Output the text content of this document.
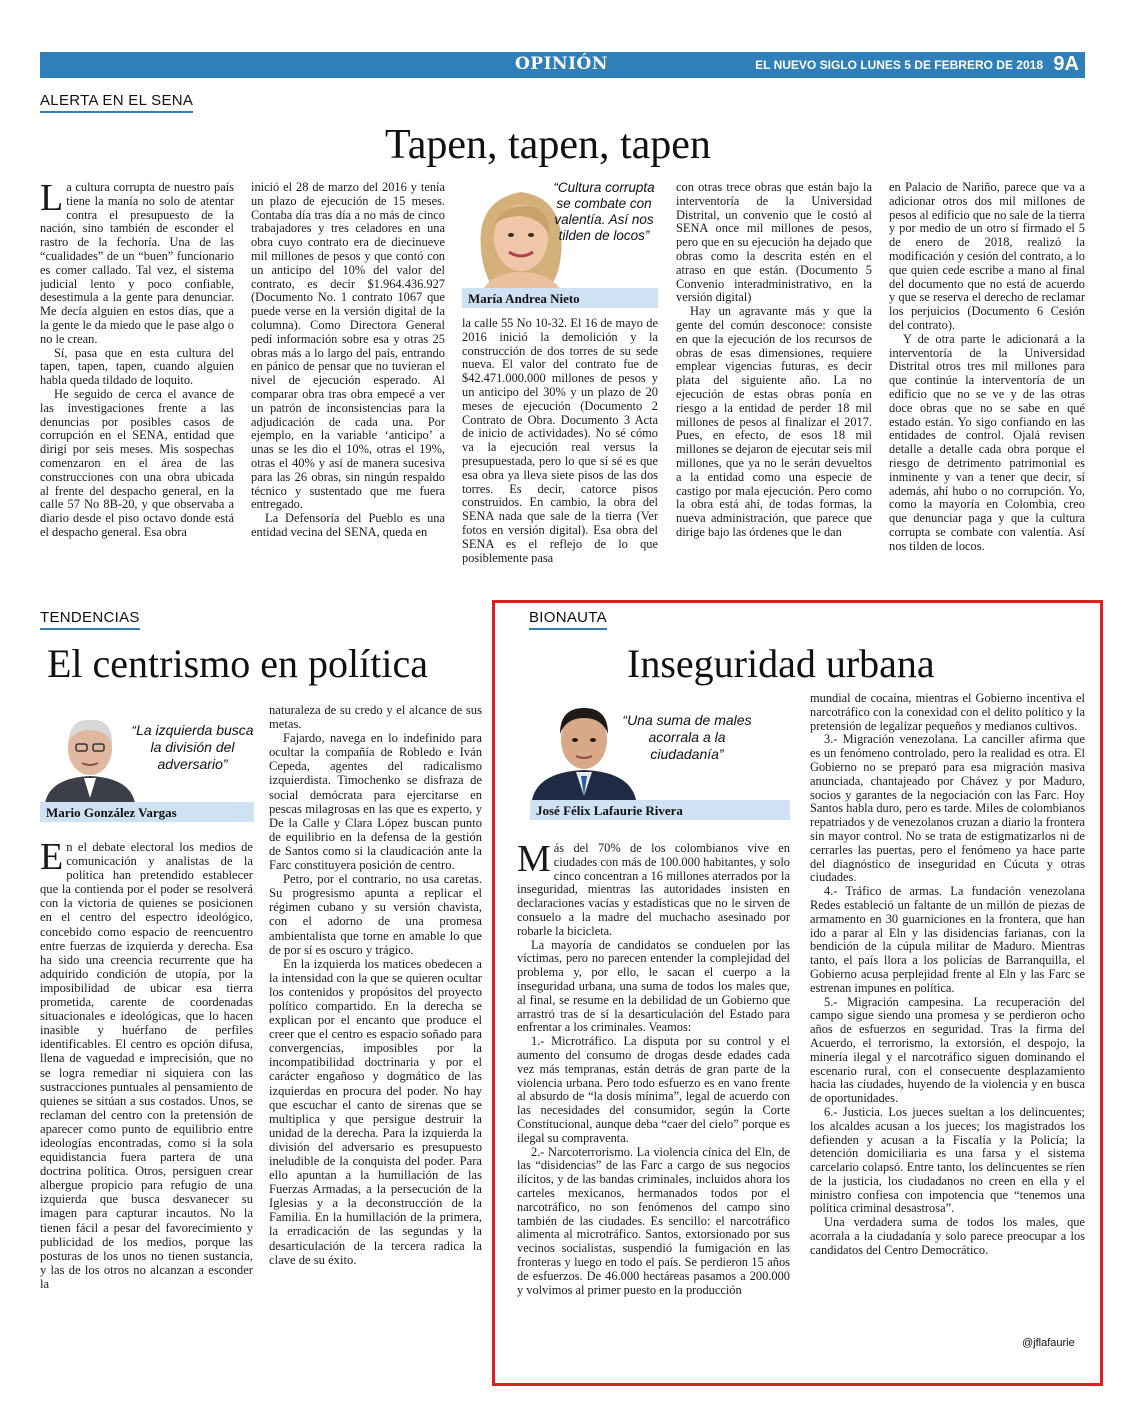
OPINIÓN	EL NUEVO SIGLO LUNES 5 DE FEBRERO DE 2018 9A
ALERTA EN EL SENA
Tapen, tapen, tapen

La cultura corrupta de nuestro país tiene la manía no solo de atentar contra el presupuesto de la nación, sino también de esconder el rastro de la fechoría. Una de las “cualidades” de un “buen” funcionario es comer callado. Tal vez, el sistema judicial lento y poco confiable, desestimula a la gente para denunciar. Me decía alguien en estos días, que a la gente le da miedo que le pase algo o no le crean.

Sí, pasa que en esta cultura del tapen, tapen, tapen, cuando alguien habla queda tildado de loquito.

He seguido de cerca el avance de las investigaciones frente a las denuncias por posibles casos de corrupción en el SENA, entidad que dirigí por seis meses. Mis sospechas comenzaron en el área de las construcciones con una obra ubicada al frente del despacho general, en la calle 57 No 8B-20, y que observaba a diario desde el piso octavo donde está el despacho general. Esa obra

inició el 28 de marzo del 2016 y tenía un plazo de ejecución de 15 meses. Contaba día tras día a no más de cinco trabajadores y tres celadores en una obra cuyo contrato era de diecinueve mil millones de pesos y que contó con un anticipo del 10% del valor del contrato, es decir $1.964.436.927 (Documento No. 1 contrato 1067 que puede verse en la versión digital de la columna). Como Directora General pedí información sobre esa y otras 25 obras más a lo largo del país, entrando en pánico de pensar que no tuvieran el nivel de ejecución esperado. Al comparar obra tras obra empecé a ver un patrón de inconsistencias para la adjudicación de cada una. Por ejemplo, en la variable ‘anticipo’ a unas se les dio el 10%, otras el 19%, otras el 40% y así de manera sucesiva para las 26 obras, sin ningún respaldo técnico y sustentado que me fuera entregado.

La Defensoría del Pueblo es una entidad vecina del SENA, queda en

“Cultura corrupta se combate con valentía. Así nos tilden de locos”
María Andrea Nieto

la calle 55 No 10-32. El 16 de mayo de 2016 inició la demolición y la construcción de dos torres de su sede nueva. El valor del contrato fue de $42.471.000.000 millones de pesos y un anticipo del 30% y un plazo de 20 meses de ejecución (Documento 2 Contrato de Obra. Documento 3 Acta de inicio de actividades). No sé cómo va la ejecución real versus la presupuestada, pero lo que sí sé es que esa obra ya lleva siete pisos de las dos torres. Es decir, catorce pisos construidos. En cambio, la obra del SENA nada que sale de la tierra (Ver fotos en versión digital). Esa obra del SENA es el reflejo de lo que posiblemente pasa

con otras trece obras que están bajo la interventoría de la Universidad Distrital, un convenio que le costó al SENA once mil millones de pesos, pero que en su ejecución ha dejado que obras como la descrita estén en el atraso en que están. (Documento 5 Convenio interadministrativo, en la versión digital)

Hay un agravante más y que la gente del común desconoce: consiste en que la ejecución de los recursos de obras de esas dimensiones, requiere emplear vigencias futuras, es decir plata del siguiente año. La no ejecución de estas obras ponía en riesgo a la entidad de perder 18 mil millones de pesos al finalizar el 2017. Pues, en efecto, de esos 18 mil millones se dejaron de ejecutar seis mil millones, que ya no le serán devueltos a la entidad como una especie de castigo por mala ejecución. Pero como la obra está ahí, de todas formas, la nueva administración, que parece que dirige bajo las órdenes que le dan

en Palacio de Nariño, parece que va a adicionar otros dos mil millones de pesos al edificio que no sale de la tierra y por medio de un otro sí firmado el 5 de enero de 2018, realizó la modificación y cesión del contrato, a lo que quien cede escribe a mano al final del documento que no está de acuerdo y que se reserva el derecho de reclamar los perjuicios (Documento 6 Cesión del contrato).

Y de otra parte le adicionará a la interventoría de la Universidad Distrital otros tres mil millones para que continúe la interventoría de un edificio que no se ve y de las otras doce obras que no se sabe en qué estado están. Yo sigo confiando en las entidades de control. Ojalá revisen detalle a detalle cada obra porque el riesgo de detrimento patrimonial es inminente y van a tener que decir, sí además, ahí hubo o no corrupción. Yo, como la mayoría en Colombia, creo que denunciar paga y que la cultura corrupta se combate con valentía. Así nos tilden de locos.

TENDENCIAS
El centrismo en política
“La izquierda busca la división del adversario”
Mario González Vargas

En el debate electoral los medios de comunicación y analistas de la política han pretendido establecer que la contienda por el poder se resolverá con la victoria de quienes se posicionen en el centro del espectro ideológico, concebido como espacio de reencuentro entre fuerzas de izquierda y derecha. Esa ha sido una creencia recurrente que ha adquirido condición de utopía, por la imposibilidad de ubicar esa tierra prometida, carente de coordenadas situacionales e ideológicas, que lo hacen inasible y huérfano de perfiles identificables. El centro es opción difusa, llena de vaguedad e imprecisión, que no se logra remediar ni siquiera con las sustracciones puntuales al pensamiento de quienes se sitúan a sus costados. Unos, se reclaman del centro con la pretensión de aparecer como punto de equilibrio entre ideologías encontradas, como si la sola equidistancia fuera partera de una doctrina política. Otros, persiguen crear albergue propicio para refugio de una izquierda que busca desvanecer su imagen para capturar incautos. No la tienen fácil a pesar del favorecimiento y publicidad de los medios, porque las posturas de los unos no tienen sustancia, y las de los otros no alcanzan a esconder la

naturaleza de su credo y el alcance de sus metas.

Fajardo, navega en lo indefinido para ocultar la compañía de Robledo e Iván Cepeda, agentes del radicalismo izquierdista. Timochenko se disfraza de social demócrata para ejercitarse en pescas milagrosas en las que es experto, y De la Calle y Clara López buscan punto de equilibrio en la defensa de la gestión de Santos como si la claudicación ante la Farc constituyera posición de centro.

Petro, por el contrario, no usa caretas. Su progresismo apunta a replicar el régimen cubano y su versión chavista, con el adorno de una promesa ambientalista que torne en amable lo que de por sí es oscuro y trágico.

En la izquierda los matices obedecen a la intensidad con la que se quieren ocultar los contenidos y propósitos del proyecto político compartido. En la derecha se explican por el encanto que produce el creer que el centro es espacio soñado para convergencias, imposibles por la incompatibilidad doctrinaria y por el carácter engañoso y dogmático de las izquierdas en procura del poder. No hay que escuchar el canto de sirenas que se multiplica y que persigue destruir la unidad de la derecha. Para la izquierda la división del adversario es presupuesto ineludible de la conquista del poder. Para ello apuntan a la humillación de las Fuerzas Armadas, a la persecución de la Iglesias y a la deconstrucción de la Familia. En la humillación de la primera, la erradicación de las segundas y la desarticulación de la tercera radica la clave de su éxito.

BIONAUTA
Inseguridad urbana
“Una suma de males acorrala a la ciudadanía”
José Félix Lafaurie Rivera

Más del 70% de los colombianos vive en ciudades con más de 100.000 habitantes, y solo cinco concentran a 16 millones aterrados por la inseguridad, mientras las autoridades insisten en declaraciones vacías y estadísticas que no le sirven de consuelo a la madre del muchacho asesinado por robarle la bicicleta.

La mayoría de candidatos se conduelen por las víctimas, pero no parecen entender la complejidad del problema y, por ello, le sacan el cuerpo a la inseguridad urbana, una suma de todos los males que, al final, se resume en la debilidad de un Gobierno que arrastró tras de sí la desarticulación del Estado para enfrentar a los criminales. Veamos:

1.- Microtráfico. La disputa por su control y el aumento del consumo de drogas desde edades cada vez más tempranas, están detrás de gran parte de la violencia urbana. Pero todo esfuerzo es en vano frente al absurdo de “la dosis mínima”, legal de acuerdo con las necesidades del consumidor, según la Corte Constitucional, aunque deba “caer del cielo” porque es ilegal su compraventa.

2.- Narcoterrorismo. La violencia cínica del Eln, de las “disidencias” de las Farc a cargo de sus negocios ilícitos, y de las bandas criminales, incluidos ahora los carteles mexicanos, hermanados todos por el narcotráfico, no son fenómenos del campo sino también de las ciudades. Es sencillo: el narcotráfico alimenta al microtráfico. Santos, extorsionado por sus vecinos socialistas, suspendió la fumigación en las fronteras y luego en todo el país. Se perdieron 15 años de esfuerzos. De 46.000 hectáreas pasamos a 200.000 y volvimos al primer puesto en la producción

mundial de cocaína, mientras el Gobierno incentiva el narcotráfico con la conexidad con el delito político y la pretensión de legalizar pequeños y medianos cultivos.

3.- Migración venezolana. La canciller afirma que es un fenómeno controlado, pero la realidad es otra. El Gobierno no se preparó para esa migración masiva anunciada, chantajeado por Chávez y por Maduro, socios y garantes de la negociación con las Farc. Hoy Santos habla duro, pero es tarde. Miles de colombianos repatriados y de venezolanos cruzan a diario la frontera sin mayor control. No se trata de estigmatizarlos ni de cerrarles las puertas, pero el fenómeno ya hace parte del diagnóstico de inseguridad en Cúcuta y otras ciudades.

4.- Tráfico de armas. La fundación venezolana Redes estableció un faltante de un millón de piezas de armamento en 30 guarniciones en la frontera, que han ido a parar al Eln y las disidencias farianas, con la bendición de la cúpula militar de Maduro. Mientras tanto, el país llora a los policías de Barranquilla, el Gobierno acusa perplejidad frente al Eln y las Farc se estrenan impunes en política.

5.- Migración campesina. La recuperación del campo sigue siendo una promesa y se perdieron ocho años de esfuerzos en seguridad. Tras la firma del Acuerdo, el terrorismo, la extorsión, el despojo, la minería ilegal y el narcotráfico siguen dominando el escenario rural, con el consecuente desplazamiento hacia las ciudades, huyendo de la violencia y en busca de oportunidades.

6.- Justicia. Los jueces sueltan a los delincuentes; los alcaldes acusan a los jueces; los magistrados los defienden y acusan a la Fiscalía y la Policía; la detención domiciliaria es una farsa y el sistema carcelario colapsó. Entre tanto, los delincuentes se ríen de la justicia, los ciudadanos no creen en ella y el ministro confiesa con impotencia que “tenemos una política criminal desastrosa”.

Una verdadera suma de todos los males, que acorrala a la ciudadanía y solo parece preocupar a los candidatos del Centro Democrático.

@jflafaurie
